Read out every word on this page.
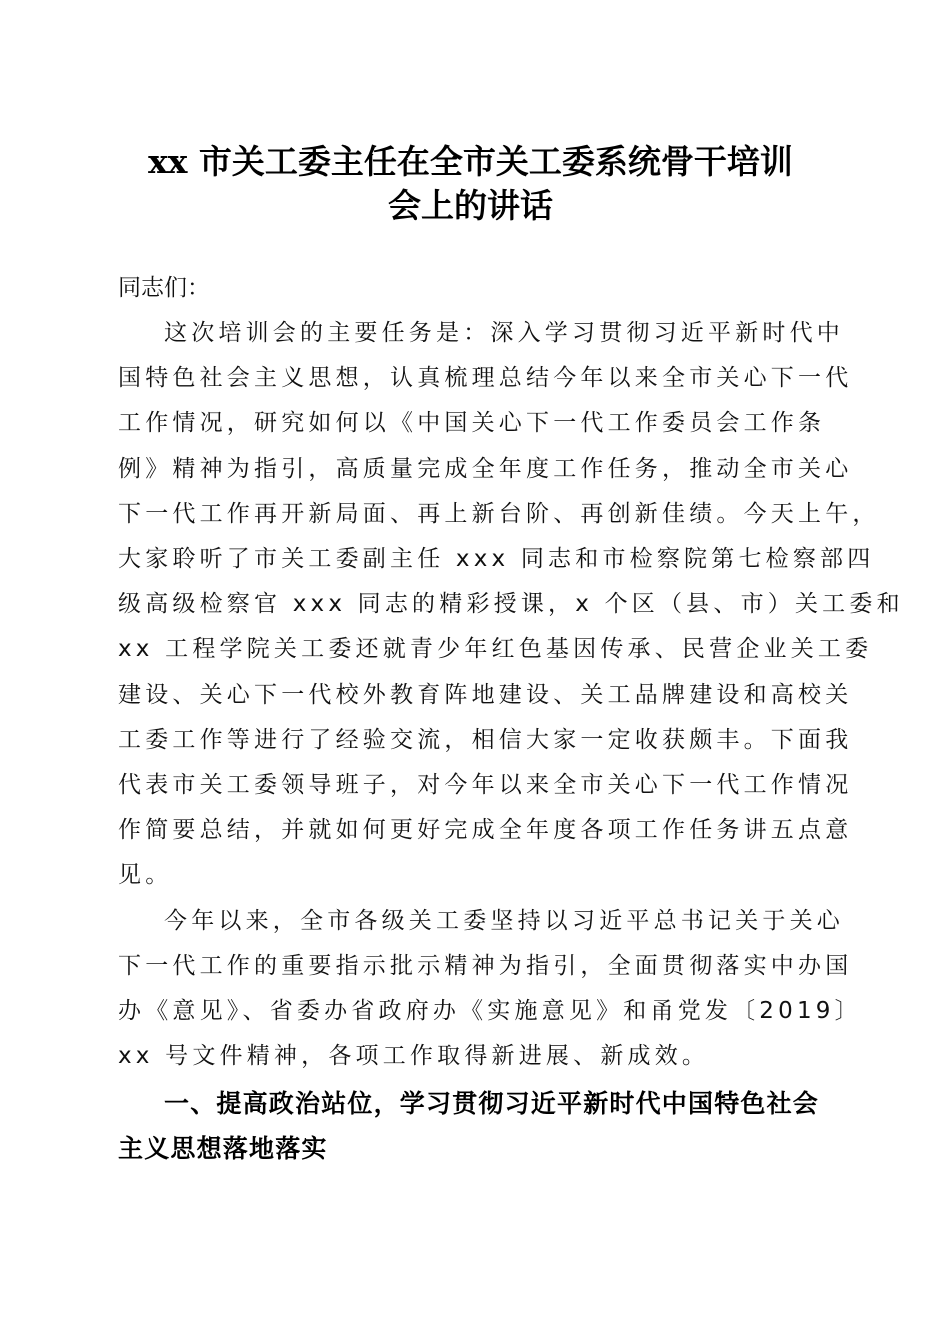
xx 市关工委主任在全市关工委系统骨干培训
会上的讲话
同志们：

这次培训会的主要任务是：深入学习贯彻习近平新时代中
国特色社会主义思想，认真梳理总结今年以来全市关心下一代
工作情况，研究如何以《中国关心下一代工作委员会工作条
例》精神为指引，高质量完成全年度工作任务，推动全市关心
下一代工作再开新局面、再上新台阶、再创新佳绩。今天上午，
大家聆听了市关工委副主任 xxx 同志和市检察院第七检察部四
级高级检察官 xxx 同志的精彩授课，x 个区（县、市）关工委和
xx 工程学院关工委还就青少年红色基因传承、民营企业关工委
建设、关心下一代校外教育阵地建设、关工品牌建设和高校关
工委工作等进行了经验交流，相信大家一定收获颇丰。下面我
代表市关工委领导班子，对今年以来全市关心下一代工作情况
作简要总结，并就如何更好完成全年度各项工作任务讲五点意
见。

今年以来，全市各级关工委坚持以习近平总书记关于关心
下一代工作的重要指示批示精神为指引，全面贯彻落实中办国
办《意见》、省委办省政府办《实施意见》和甬党发〔2019〕
xx 号文件精神，各项工作取得新进展、新成效。

一、提高政治站位，学习贯彻习近平新时代中国特色社会
主义思想落地落实
